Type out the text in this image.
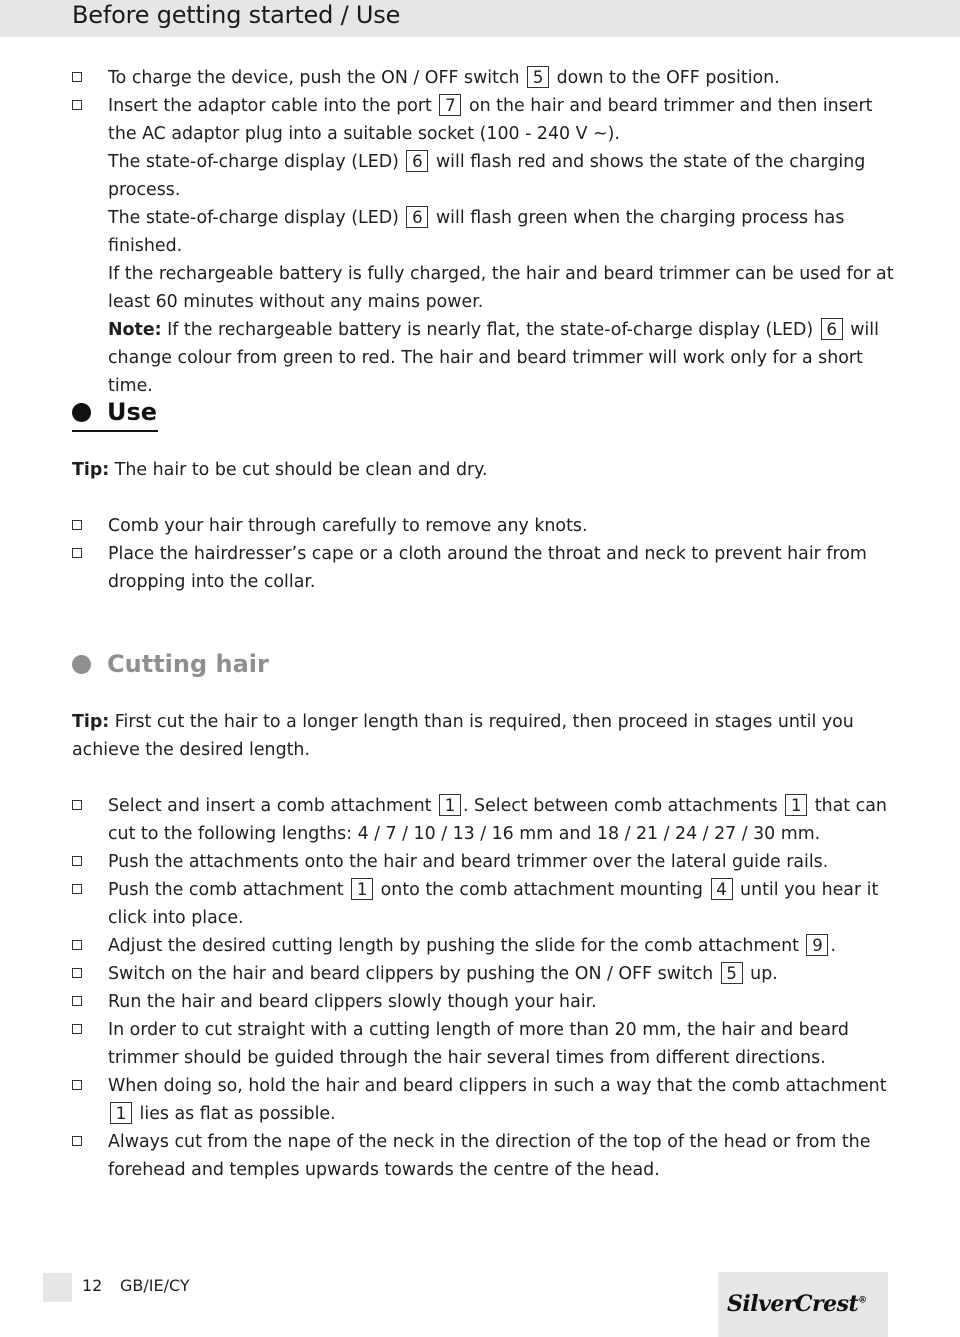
Before getting started / Use
To charge the device, push the ON / OFF switch 5 down to the OFF position.
Insert the adaptor cable into the port 7 on the hair and beard trimmer and then insert the AC adaptor plug into a suitable socket (100 - 240 V ~).
The state-of-charge display (LED) 6 will flash red and shows the state of the charging process.
The state-of-charge display (LED) 6 will flash green when the charging process has finished.
If the rechargeable battery is fully charged, the hair and beard trimmer can be used for at least 60 minutes without any mains power.
Note: If the rechargeable battery is nearly flat, the state-of-charge display (LED) 6 will change colour from green to red. The hair and beard trimmer will work only for a short time.
Use
Tip: The hair to be cut should be clean and dry.
Comb your hair through carefully to remove any knots.
Place the hairdresser’s cape or a cloth around the throat and neck to prevent hair from dropping into the collar.
Cutting hair
Tip: First cut the hair to a longer length than is required, then proceed in stages until you achieve the desired length.
Select and insert a comb attachment 1 . Select between comb attachments 1 that can cut to the following lengths: 4 / 7 / 10 / 13 / 16 mm and 18 / 21 / 24 / 27 / 30 mm.
Push the attachments onto the hair and beard trimmer over the lateral guide rails.
Push the comb attachment 1 onto the comb attachment mounting 4 until you hear it click into place.
Adjust the desired cutting length by pushing the slide for the comb attachment 9 .
Switch on the hair and beard clippers by pushing the ON / OFF switch 5 up.
Run the hair and beard clippers slowly though your hair.
In order to cut straight with a cutting length of more than 20 mm, the hair and beard trimmer should be guided through the hair several times from different directions.
When doing so, hold the hair and beard clippers in such a way that the comb attachment 1 lies as flat as possible.
Always cut from the nape of the neck in the direction of the top of the head or from the forehead and temples upwards towards the centre of the head.
12 GB/IE/CY
SilverCrest®
